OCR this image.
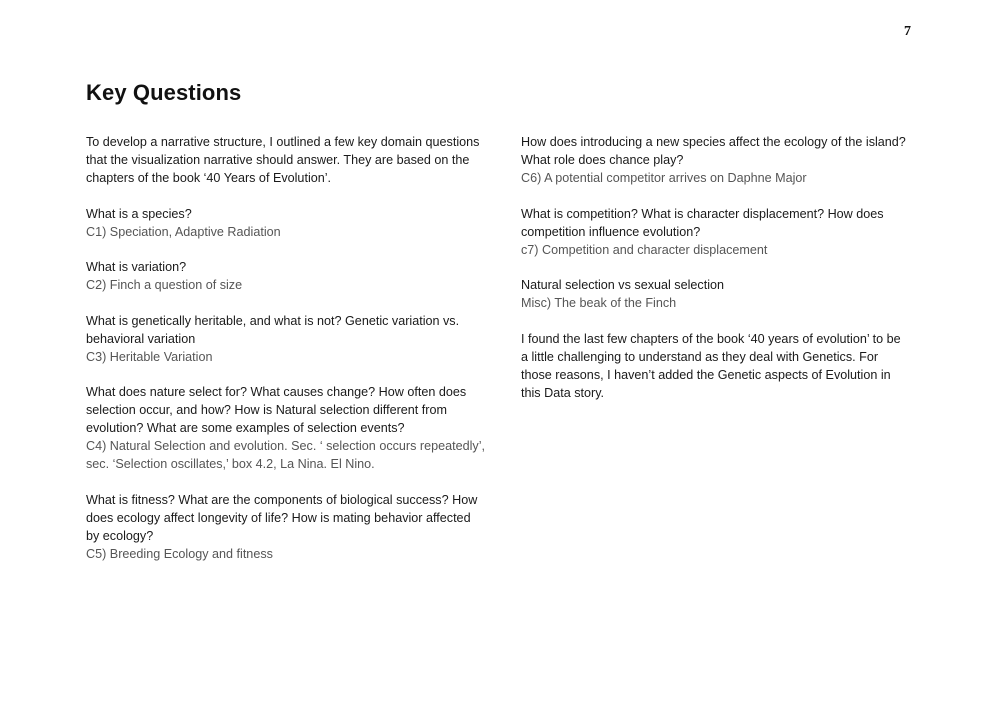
7
Key Questions

To develop a narrative structure, I outlined a few key domain questions that the visualization narrative should answer. They are based on the chapters of the book ‘40 Years of Evolution’.

What is a species?
C1) Speciation, Adaptive Radiation
What is variation?
C2) Finch a question of size
What is genetically heritable, and what is not? Genetic variation vs. behavioral variation
C3) Heritable Variation
What does nature select for? What causes change? How often does selection occur, and how? How is Natural selection different from evolution? What are some examples of selection events?
C4) Natural Selection and evolution. Sec. ‘ selection occurs repeatedly’, sec. ‘Selection oscillates,’ box 4.2, La Nina. El Nino.
What is fitness? What are the components of biological success? How does ecology affect longevity of life? How is mating behavior affected by ecology?
C5) Breeding Ecology and fitness
How does introducing a new species affect the ecology of the island? What role does chance play?
C6) A potential competitor arrives on Daphne Major
What is competition? What is character displacement? How does competition influence evolution?
c7) Competition and character displacement
Natural selection vs sexual selection
Misc) The beak of the Finch

I found the last few chapters of the book ‘40 years of evolution’ to be a little challenging to understand as they deal with Genetics. For those reasons, I haven’t added the Genetic aspects of Evolution in this Data story.
